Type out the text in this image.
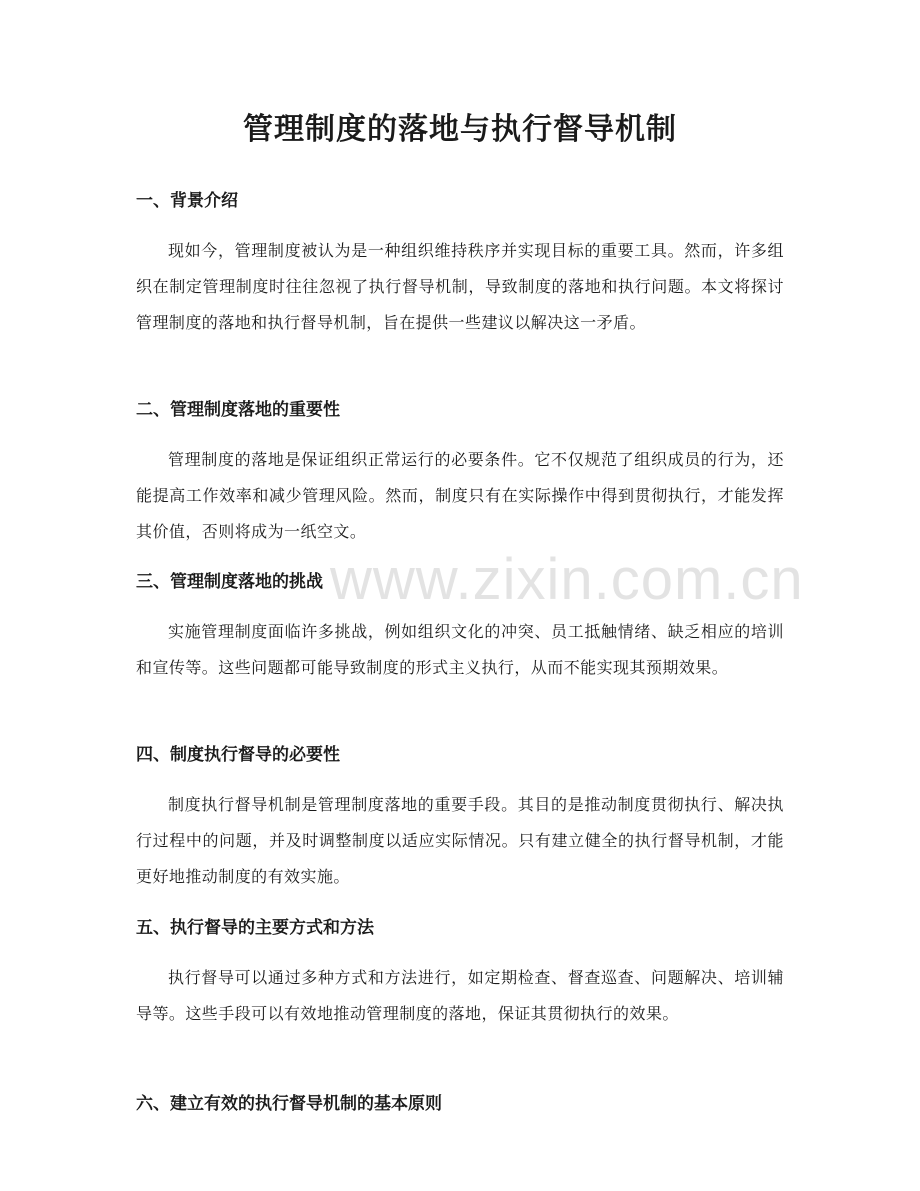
管理制度的落地与执行督导机制
一、背景介绍

现如今，管理制度被认为是一种组织维持秩序并实现目标的重要工具。然而，许多组织在制定管理制度时往往忽视了执行督导机制，导致制度的落地和执行问题。本文将探讨管理制度的落地和执行督导机制，旨在提供一些建议以解决这一矛盾。

二、管理制度落地的重要性

管理制度的落地是保证组织正常运行的必要条件。它不仅规范了组织成员的行为，还能提高工作效率和减少管理风险。然而，制度只有在实际操作中得到贯彻执行，才能发挥其价值，否则将成为一纸空文。

三、管理制度落地的挑战

实施管理制度面临许多挑战，例如组织文化的冲突、员工抵触情绪、缺乏相应的培训和宣传等。这些问题都可能导致制度的形式主义执行，从而不能实现其预期效果。

四、制度执行督导的必要性

制度执行督导机制是管理制度落地的重要手段。其目的是推动制度贯彻执行、解决执行过程中的问题，并及时调整制度以适应实际情况。只有建立健全的执行督导机制，才能更好地推动制度的有效实施。

五、执行督导的主要方式和方法

执行督导可以通过多种方式和方法进行，如定期检查、督查巡查、问题解决、培训辅导等。这些手段可以有效地推动管理制度的落地，保证其贯彻执行的效果。

六、建立有效的执行督导机制的基本原则
www.zixin.com.cn
